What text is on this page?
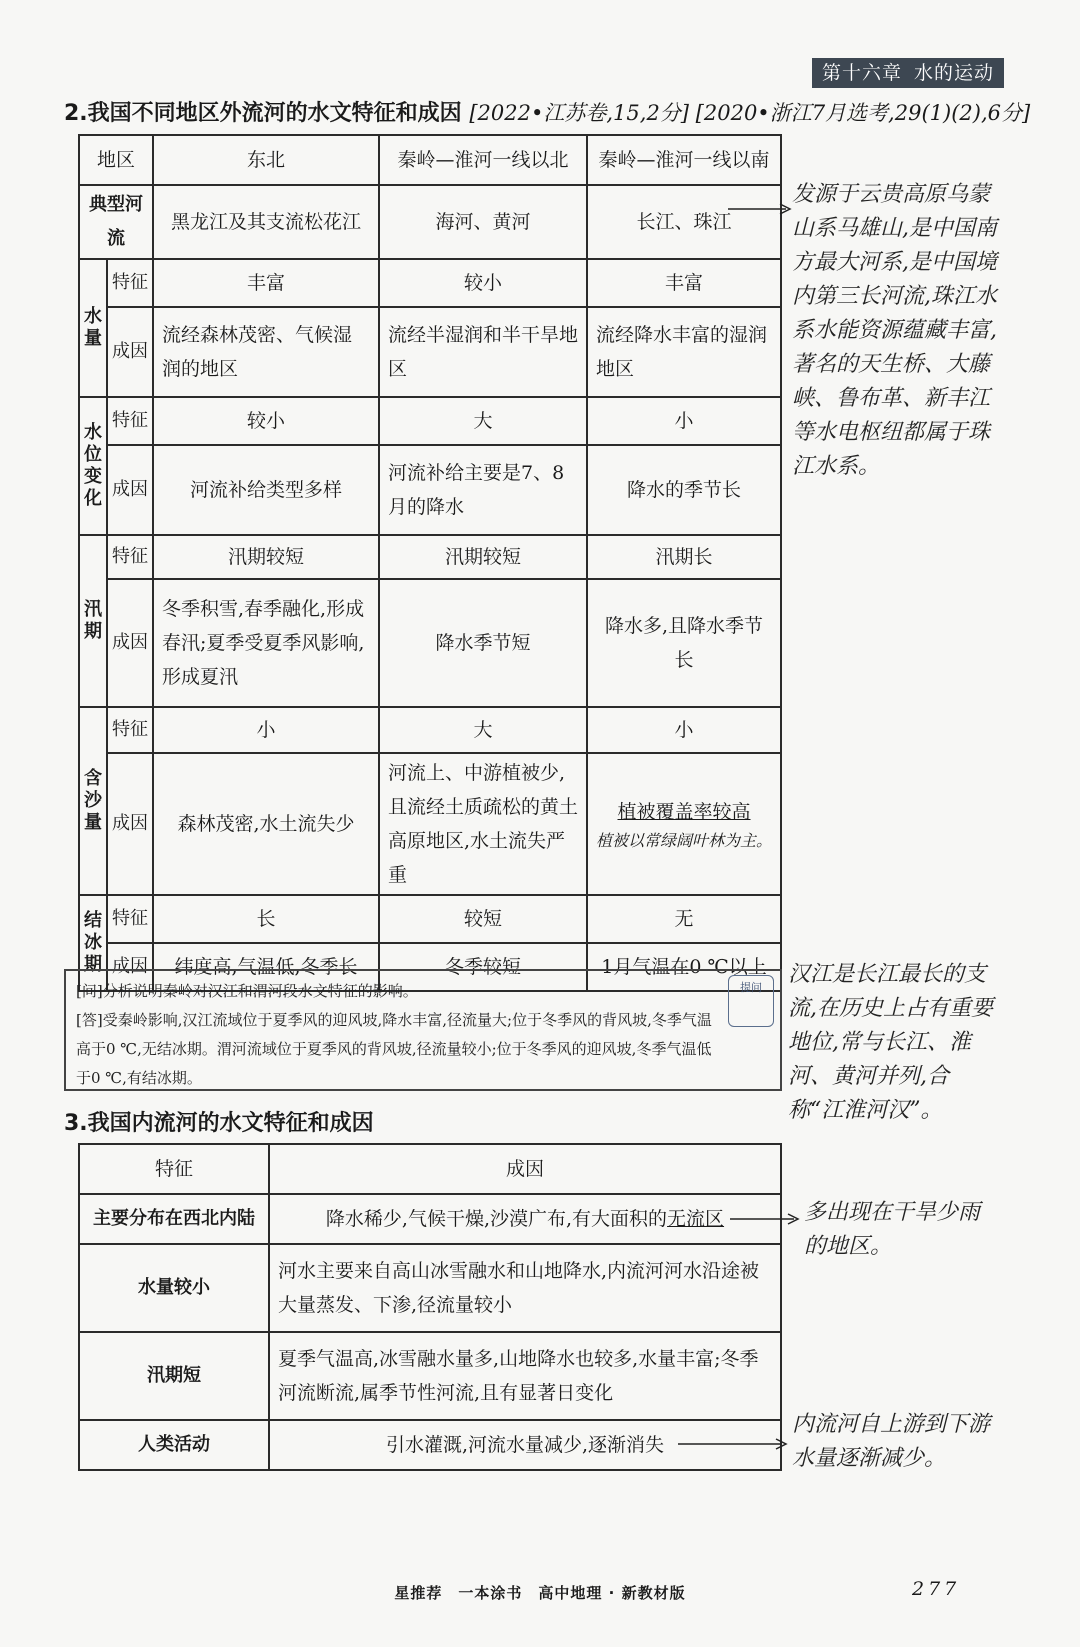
第十六章 水的运动
2.我国不同地区外流河的水文特征和成因 [2022•江苏卷,15,2分] [2020•浙江7月选考,29(1)(2),6分]
地区		东北	秦岭—淮河一线以北	秦岭—淮河一线以南
典型河流		黑龙江及其支流松花江	海河、黄河	长江、珠江
水量	特征	丰富	较小	丰富
	成因	流经森林茂密、气候湿润的地区	流经半湿润和半干旱地区	流经降水丰富的湿润地区
水位变化	特征	较小	大	小
	成因	河流补给类型多样	河流补给主要是7、8月的降水	降水的季节长
汛期	特征	汛期较短	汛期较短	汛期长
	成因	冬季积雪,春季融化,形成春汛;夏季受夏季风影响,形成夏汛	降水季节短	降水多,且降水季节长
含沙量	特征	小	大	小
	成因	森林茂密,水土流失少	河流上、中游植被少,且流经土质疏松的黄土高原地区,水土流失严重	植被覆盖率较高
植被以常绿阔叶林为主。

结冰期	特征	长	较短	无
	成因	纬度高,气温低,冬季长	冬季较短	1月气温在0 ℃以上
发源于云贵高原乌蒙山系马雄山,是中国南方最大河系,是中国境内第三长河流,珠江水系水能资源蕴藏丰富,著名的天生桥、大藤峡、鲁布革、新丰江等水电枢纽都属于珠江水系。
[问]分析说明秦岭对汉江和渭河段水文特征的影响。
[答]受秦岭影响,汉江流域位于夏季风的迎风坡,降水丰富,径流量大;位于冬季风的背风坡,冬季气温高于0 ℃,无结冰期。渭河流域位于夏季风的背风坡,径流量较小;位于冬季风的迎风坡,冬季气温低于0 ℃,有结冰期。
提问
汉江是长江最长的支流,在历史上占有重要地位,常与长江、淮河、黄河并列,合称“江淮河汉”。
3.我国内流河的水文特征和成因
特征	成因
主要分布在西北内陆	降水稀少,气候干燥,沙漠广布,有大面积的无流区
水量较小	河水主要来自高山冰雪融水和山地降水,内流河河水沿途被大量蒸发、下渗,径流量较小
汛期短	夏季气温高,冰雪融水量多,山地降水也较多,水量丰富;冬季河流断流,属季节性河流,且有显著日变化
人类活动	引水灌溉,河流水量减少,逐渐消失
多出现在干旱少雨的地区。
内流河自上游到下游水量逐渐减少。
星推荐　一本涂书　高中地理 · 新教材版	277
